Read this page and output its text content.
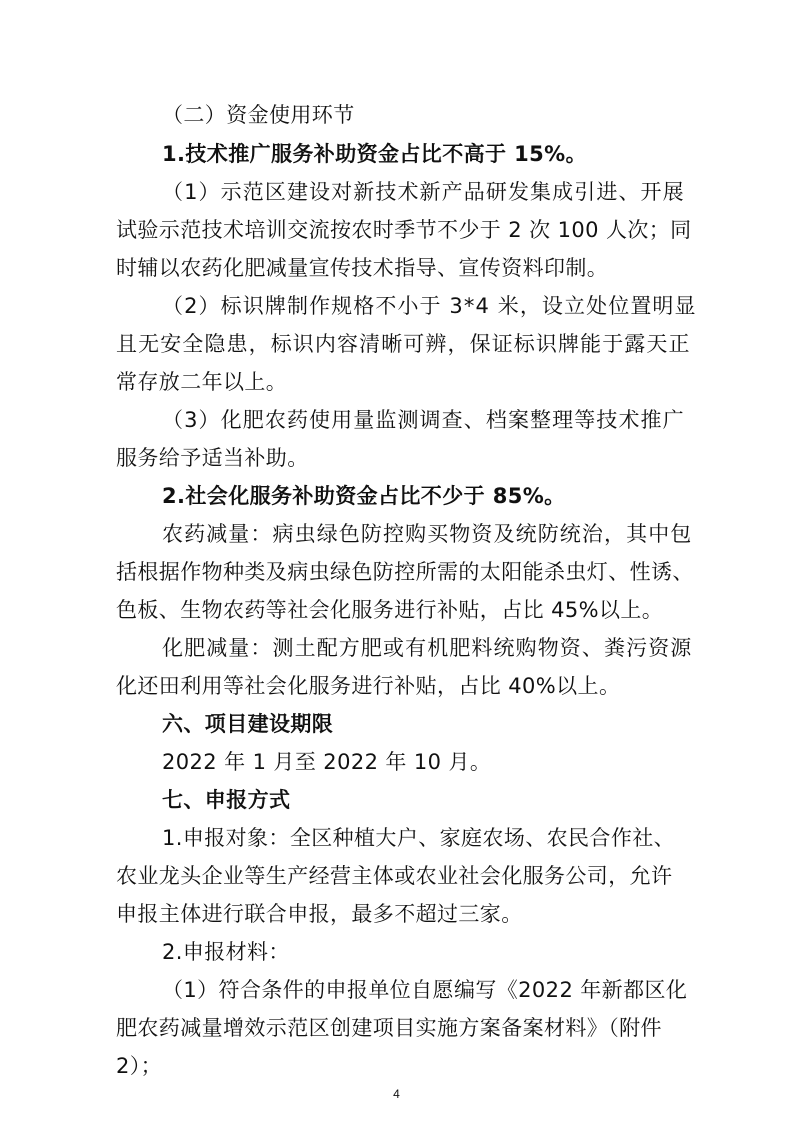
（二）资金使用环节
1.技术推广服务补助资金占比不高于 15%。
（1）示范区建设对新技术新产品研发集成引进、开展
试验示范技术培训交流按农时季节不少于 2 次 100 人次；同
时辅以农药化肥减量宣传技术指导、宣传资料印制。
（2）标识牌制作规格不小于 3*4 米，设立处位置明显
且无安全隐患，标识内容清晰可辨，保证标识牌能于露天正
常存放二年以上。
（3）化肥农药使用量监测调查、档案整理等技术推广
服务给予适当补助。
2.社会化服务补助资金占比不少于 85%。
农药减量：病虫绿色防控购买物资及统防统治，其中包
括根据作物种类及病虫绿色防控所需的太阳能杀虫灯、性诱、
色板、生物农药等社会化服务进行补贴，占比 45%以上。
化肥减量：测土配方肥或有机肥料统购物资、粪污资源
化还田利用等社会化服务进行补贴，占比 40%以上。
六、项目建设期限
2022 年 1 月至 2022 年 10 月。
七、申报方式
1.申报对象：全区种植大户、家庭农场、农民合作社、
农业龙头企业等生产经营主体或农业社会化服务公司，允许
申报主体进行联合申报，最多不超过三家。
2.申报材料：
（1）符合条件的申报单位自愿编写《2022 年新都区化
肥农药减量增效示范区创建项目实施方案备案材料》（附件
2）；
4
